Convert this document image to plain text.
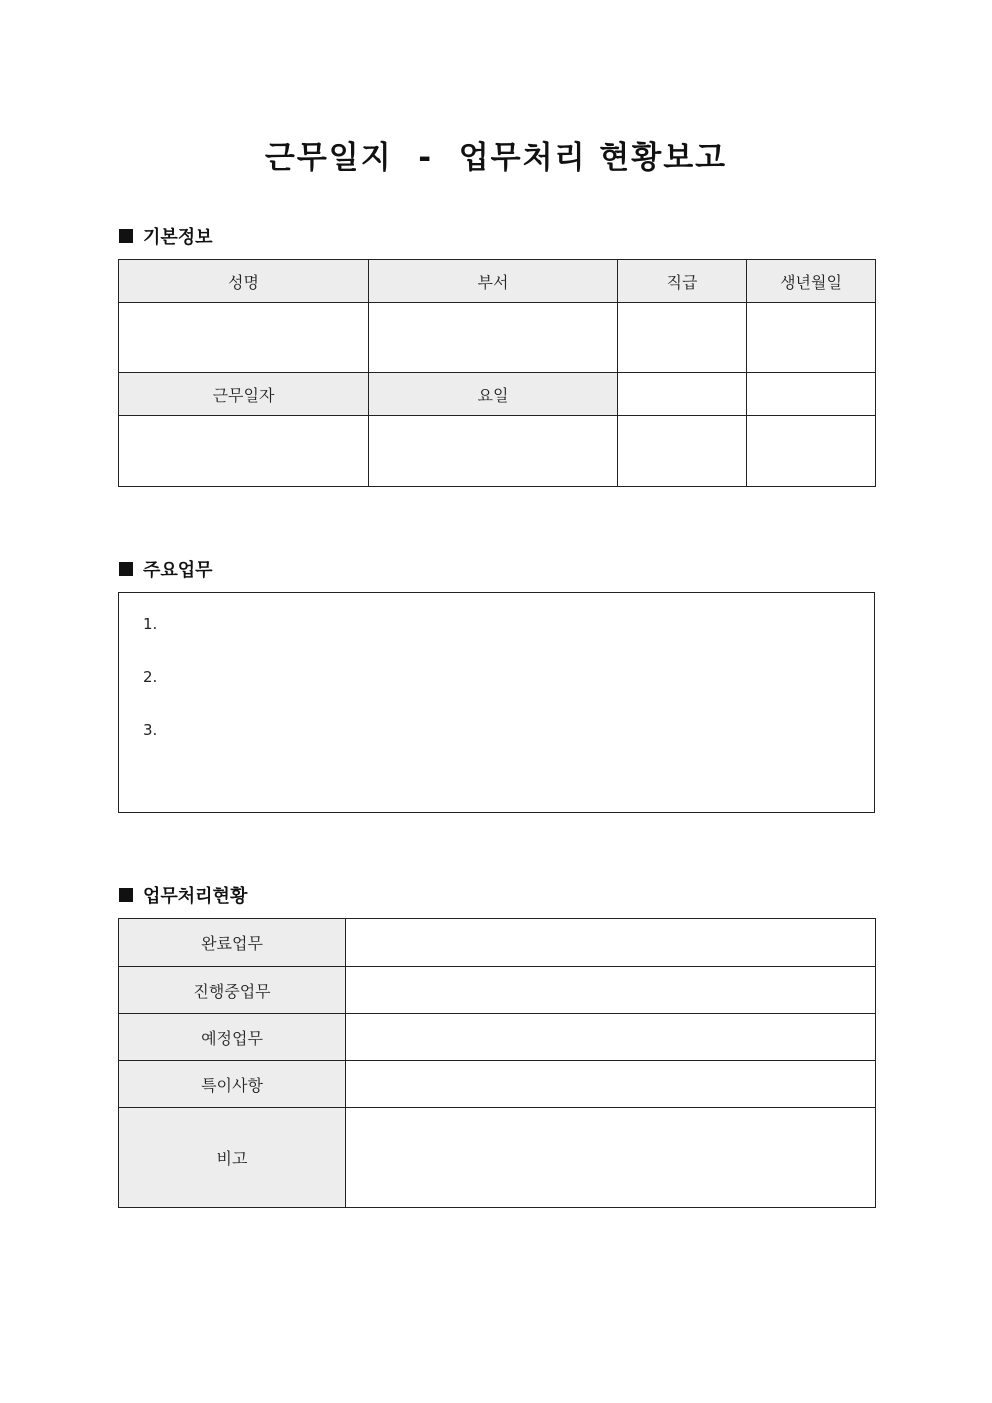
근무일지  -  업무처리 현황보고
기본정보
성명	부서	직급	생년월일

근무일자	요일		

주요업무
1.
2.
3.
업무처리현황
완료업무	
진행중업무	
예정업무	
특이사항	
비고	
